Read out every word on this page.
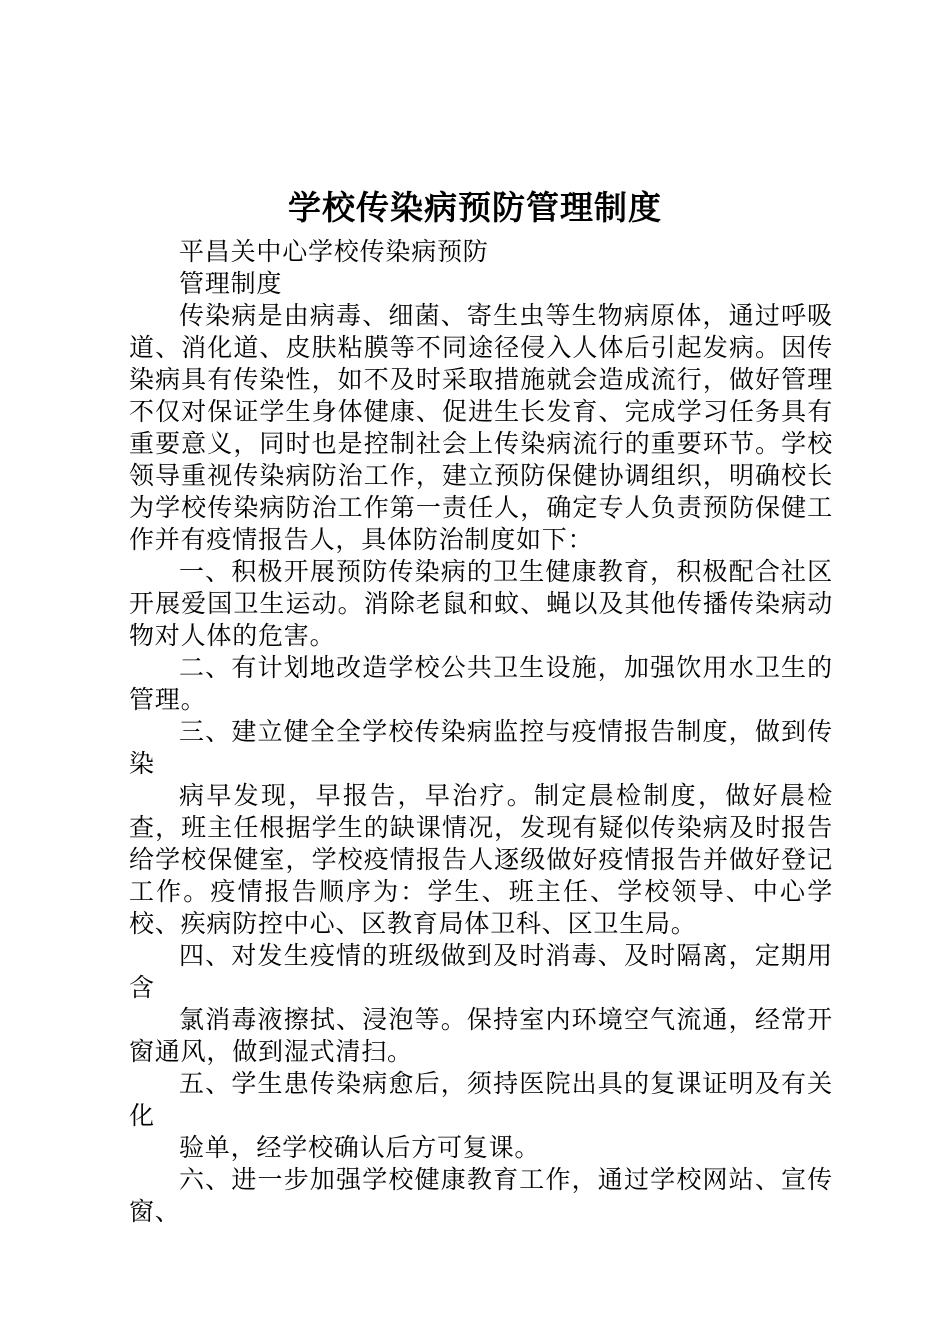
学校传染病预防管理制度

平昌关中心学校传染病预防

管理制度

传染病是由病毒、细菌、寄生虫等生物病原体，通过呼吸道、消化道、皮肤粘膜等不同途径侵入人体后引起发病。因传染病具有传染性，如不及时采取措施就会造成流行，做好管理不仅对保证学生身体健康、促进生长发育、完成学习任务具有重要意义，同时也是控制社会上传染病流行的重要环节。学校领导重视传染病防治工作，建立预防保健协调组织，明确校长为学校传染病防治工作第一责任人，确定专人负责预防保健工作并有疫情报告人，具体防治制度如下：

一、积极开展预防传染病的卫生健康教育，积极配合社区开展爱国卫生运动。消除老鼠和蚊、蝇以及其他传播传染病动物对人体的危害。

二、有计划地改造学校公共卫生设施，加强饮用水卫生的管理。

三、建立健全全学校传染病监控与疫情报告制度，做到传染

病早发现，早报告，早治疗。制定晨检制度，做好晨检查，班主任根据学生的缺课情况，发现有疑似传染病及时报告给学校保健室，学校疫情报告人逐级做好疫情报告并做好登记工作。疫情报告顺序为：学生、班主任、学校领导、中心学校、疾病防控中心、区教育局体卫科、区卫生局。

四、对发生疫情的班级做到及时消毒、及时隔离，定期用含

氯消毒液擦拭、浸泡等。保持室内环境空气流通，经常开窗通风，做到湿式清扫。

五、学生患传染病愈后，须持医院出具的复课证明及有关化

验单，经学校确认后方可复课。

六、进一步加强学校健康教育工作，通过学校网站、宣传窗、
